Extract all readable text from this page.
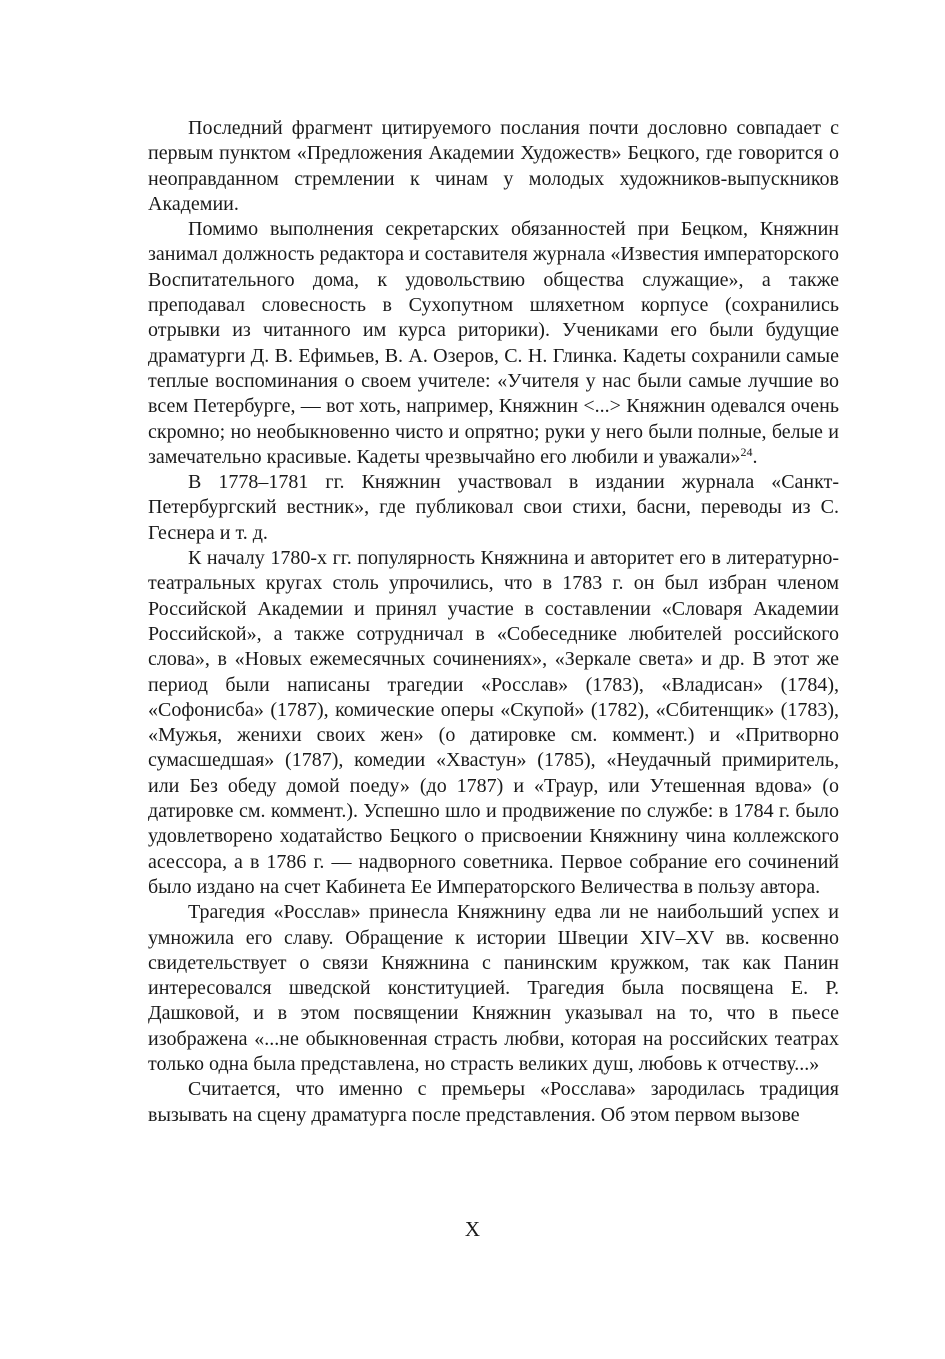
Последний фрагмент цитируемого послания почти дословно совпадает с первым пунктом «Предложения Академии Художеств» Бецкого, где говорится о неоправданном стремлении к чинам у молодых художников-выпускников Академии.

Помимо выполнения секретарских обязанностей при Бецком, Княжнин занимал должность редактора и составителя журнала «Известия императорского Воспитательного дома, к удовольствию общества служащие», а также преподавал словесность в Сухопутном шляхетном корпусе (сохранились отрывки из читанного им курса риторики). Учениками его были будущие драматурги Д. В. Ефимьев, В. А. Озеров, С. Н. Глинка. Кадеты сохранили самые теплые воспоминания о своем учителе: «Учителя у нас были самые лучшие во всем Петербурге, — вот хоть, например, Княжнин <...> Княжнин одевался очень скромно; но необыкновенно чисто и опрятно; руки у него были полные, белые и замечательно красивые. Кадеты чрезвычайно его любили и уважали»$^{24}$.

В 1778–1781 гг. Княжнин участвовал в издании журнала «Санкт-Петербургский вестник», где публиковал свои стихи, басни, переводы из С. Геснера и т. д.

К началу 1780-х гг. популярность Княжнина и авторитет его в литературно-театральных кругах столь упрочились, что в 1783 г. он был избран членом Российской Академии и принял участие в составлении «Словаря Академии Российской», а также сотрудничал в «Собеседнике любителей российского слова», в «Новых ежемесячных сочинениях», «Зеркале света» и др. В этот же период были написаны трагедии «Росслав» (1783), «Владисан» (1784), «Софонисба» (1787), комические оперы «Скупой» (1782), «Сбитенщик» (1783), «Мужья, женихи своих жен» (о датировке см. коммент.) и «Притворно сумасшедшая» (1787), комедии «Хвастун» (1785), «Неудачный примиритель, или Без обеду домой поеду» (до 1787) и «Траур, или Утешенная вдова» (о датировке см. коммент.). Успешно шло и продвижение по службе: в 1784 г. было удовлетворено ходатайство Бецкого о присвоении Княжнину чина коллежского асессора, а в 1786 г. — надворного советника. Первое собрание его сочинений было издано на счет Кабинета Ее Императорского Величества в пользу автора.

Трагедия «Росслав» принесла Княжнину едва ли не наибольший успех и умножила его славу. Обращение к истории Швеции XIV–XV вв. косвенно свидетельствует о связи Княжнина с панинским кружком, так как Панин интересовался шведской конституцией. Трагедия была посвящена Е. Р. Дашковой, и в этом посвящении Княжнин указывал на то, что в пьесе изображена «...не обыкновенная страсть любви, которая на российских театрах только одна была представлена, но страсть великих душ, любовь к отчеству...»

Считается, что именно с премьеры «Росслава» зародилась традиция вызывать на сцену драматурга после представления. Об этом первом вызове

X
